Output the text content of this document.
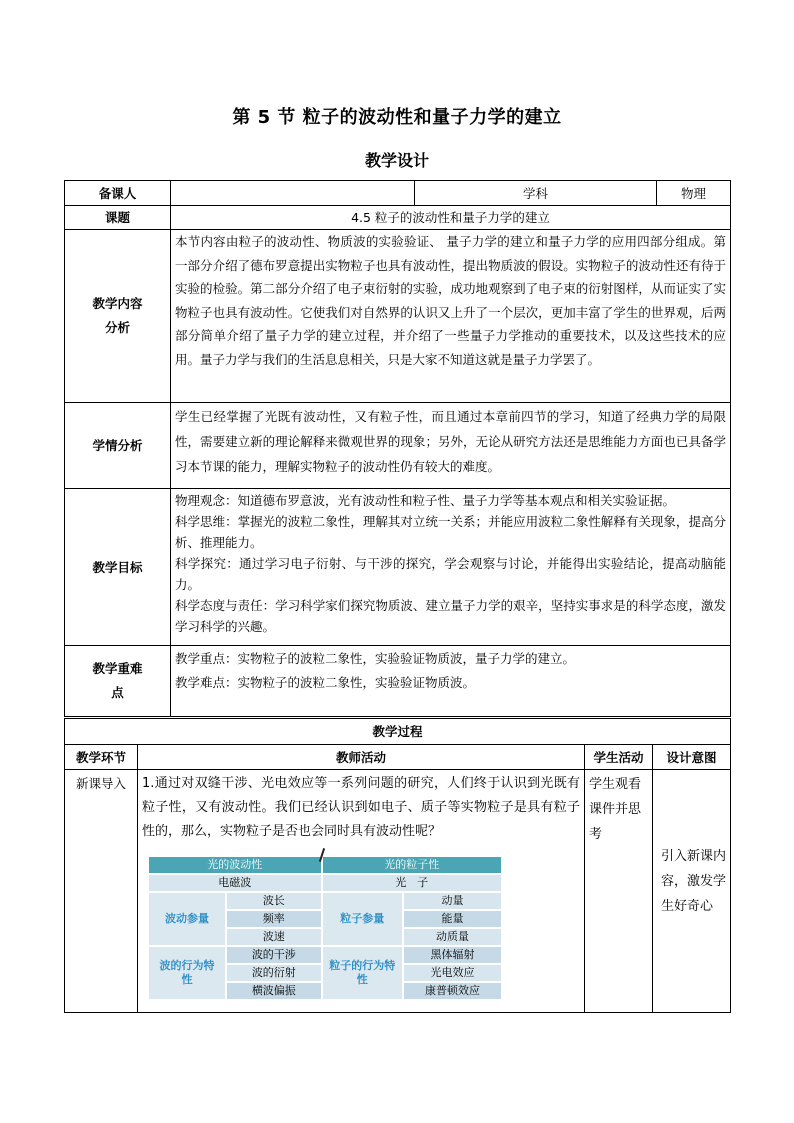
第 5 节 粒子的波动性和量子力学的建立
教学设计
备课人		学科	物理
课题	4.5 粒子的波动性和量子力学的建立		
教学内容分析	本节内容由粒子的波动性、物质波的实验验证、 量子力学的建立和量子力学的应用四部分组成。第一部分介绍了德布罗意提出实物粒子也具有波动性，提出物质波的假设。实物粒子的波动性还有待于实验的检验。第二部分介绍了电子束衍射的实验，成功地观察到了电子束的衍射图样，从而证实了实物粒子也具有波动性。它使我们对自然界的认识又上升了一个层次，更加丰富了学生的世界观，后两部分简单介绍了量子力学的建立过程，并介绍了一些量子力学推动的重要技术，以及这些技术的应用。量子力学与我们的生活息息相关，只是大家不知道这就是量子力学罢了。		
学情分析	学生已经掌握了光既有波动性，又有粒子性，而且通过本章前四节的学习，知道了经典力学的局限性，需要建立新的理论解释来微观世界的现象；另外，无论从研究方法还是思维能力方面也已具备学习本节课的能力，理解实物粒子的波动性仍有较大的难度。		
教学目标	物理观念：知道德布罗意波，光有波动性和粒子性、量子力学等基本观点和相关实验证据。

科学思维：掌握光的波粒二象性，理解其对立统一关系；并能应用波粒二象性解释有关现象，提高分析、推理能力。

科学探究：通过学习电子衍射、与干涉的探究，学会观察与讨论，并能得出实验结论，提高动脑能力。

科学态度与责任：学习科学家们探究物质波、建立量子力学的艰辛，坚持实事求是的科学态度，激发学习科学的兴趣。		

教学重难点	教学重点：实物粒子的波粒二象性，实验验证物质波，量子力学的建立。

教学难点：实物粒子的波粒二象性，实验验证物质波。		

教学过程			
教学环节	教师活动	学生活动	设计意图
新课导入	1.通过对双缝干涉、光电效应等一系列问题的研究，人们终于认识到光既有粒子性，又有波动性。我们已经认识到如电子、质子等实物粒子是具有粒子性的，那么，实物粒子是否也会同时具有波动性呢？	学生观看课件并思考	引入新课内容，激发学生好奇心
光的波动性		光的粒子性	
电磁波		光　子	
波动参量	波长	粒子参量	动量
	频率		能量
	波速		动质量
波的行为特性	波的干涉	粒子的行为特性	黑体辐射
	波的衍射		光电效应
	横波偏振		康普顿效应
